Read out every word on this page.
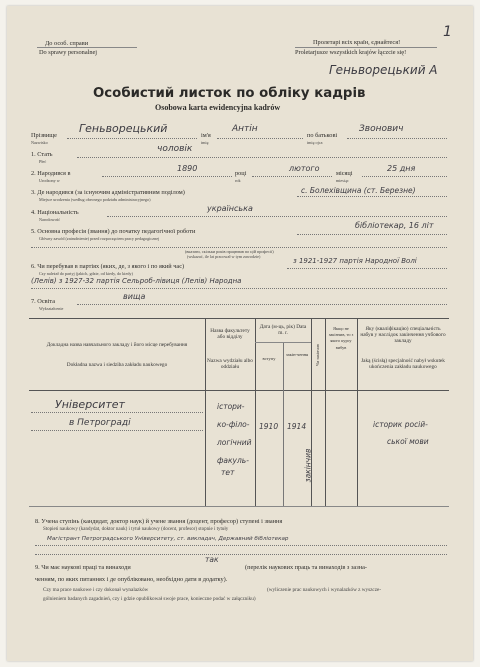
До особ. справи
Do sprawy personalnej
Пролетарі всіх країн, єднайтеся!
Proletarjusze wszystkich krajów łączcie się!
1
Геньворецький А
Особистий листок по обліку кадрів
Osobowa karta ewidencyjna kadrów
Прізвище
Nazwisko
Геньворецький
ім'я
imię
Антін
по батькові
imię ojca
Звонович
1. Стать
Płeć
чоловік
2. Народився в
Urodzony w
1890
році
rok
лютого
місяці
miesiąc
25 дня
3. Де народився (за існуючим адміністративним поділом)
Miejsce urodzenia (według obecnego podziału administracyjnego)
с. Болехівщина (ст. Березне)
4. Національність
Narodowość
українська
5. Основна професія (звання) до початку педагогічної роботи
Główny zawód (zatrudnienie) przed rozpoczęciem pracy pedagogicznej
бібліотекар, 16 літ
(вказати, скільки років працював по цій професії)
(wskazać, ile lat pracował w tym zawodzie)
6. Чи перебував в партіях (яких, де, з якого і по який час)
Czy należał do partyj (jakich, gdzie, od kiedy, do kiedy)
з 1921-1927 партія Народної Волі
(Лелів) з 1927-32 партія Сельроб-лівиця (Лелів) Народна
7. Освіта
Wykształcenie
вища
Докладна назва навчального закладу і його місце перебування
Dokładna nazwa i siedziba zakładu naukowego
Назва факультету або відділу
Nazwa wydziału albo oddziału
Дата (м-ць, рік) Data m. r.
вступу
закін-чення Чи закінчив
Якщо не закінчив, то з якого курсу вибув
Яку (кваліфікацію) спеціальність набув у наслідок закінчення учбового закладу
Jaką (ścisłą) specjalność nabył wskutek ukończenia zakładu naukowego
Університет
в Петрограді
істори-
ко-філо-
логічний
факуль-
тет
1910 1914
закінчив
історик росій-
ської мови
8. Учена ступінь (кандидат, доктор наук) й учене звання (доцент, професор) ступені і звання
Stopień naukowy (kandydat, doktor nauk) i tytuł naukowy (docent, profesor) stopnie i tytuły
Магістрант Петроградського Університету, ст. викладач, Державний бібліотекар
9. Чи має наукові праці та винаходи
так
(перелік наукових праць та винаходів з зазна-
ченням, по яких питаннях і де опубліковано, необхідно дати в додатку).
Czy ma prace naukowe i czy dokonał wynalazków	(wyliczenie prac naukowych i wynalazków z wyszcze-
gólnieniem badanych zagadnień, czy i gdzie opublikował swoje prace, konieczne podać w załączniku)
